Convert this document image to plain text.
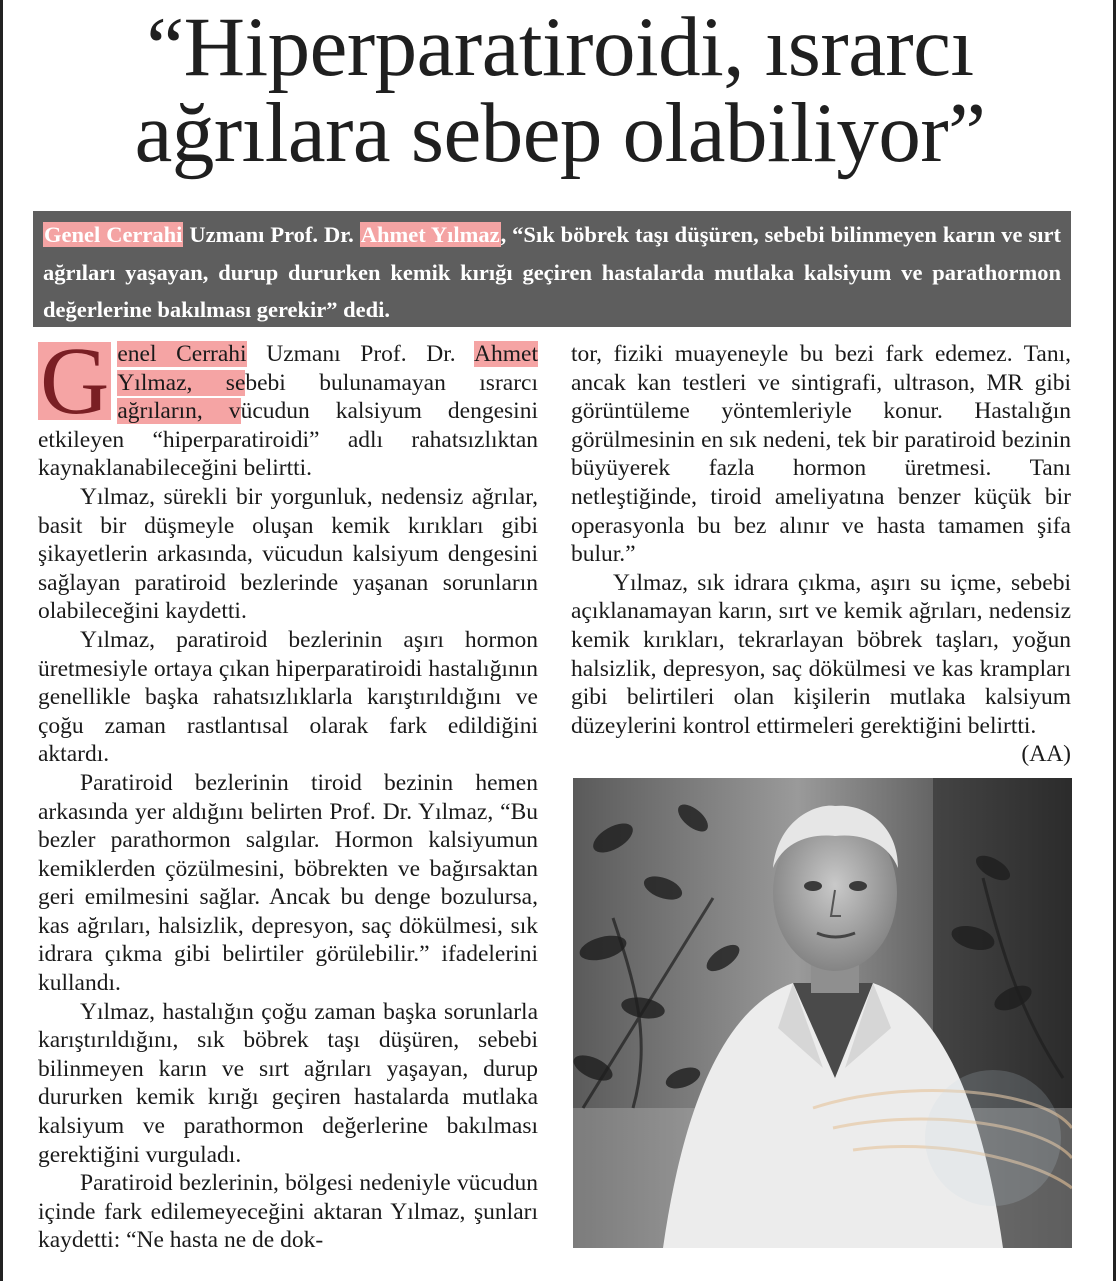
“Hiperparatiroidi, ısrarcı
ağrılara sebep olabiliyor”
Genel Cerrahi Uzmanı Prof. Dr. Ahmet Yılmaz, “Sık böbrek taşı düşüren, sebebi bilinmeyen karın ve sırt ağrıları yaşayan, durup dururken kemik kırığı geçiren hastalarda mutlaka kalsiyum ve parathormon değerlerine bakılması gerekir” dedi.

G enel Cerrahi Uzmanı Prof. Dr. Ahmet Yılmaz, sebebi bulunamayan ısrarcı ağrıların, vücudun kalsiyum dengesini etkileyen “hiperparatiroidi” adlı rahatsızlıktan kaynaklanabileceğini belirtti.

Yılmaz, sürekli bir yorgunluk, nedensiz ağrılar, basit bir düşmeyle oluşan kemik kırıkları gibi şikayetlerin arkasında, vücudun kalsiyum dengesini sağlayan paratiroid bezlerinde yaşanan sorunların olabileceğini kaydetti.

Yılmaz, paratiroid bezlerinin aşırı hormon üretmesiyle ortaya çıkan hiperparatiroidi hastalığının genellikle başka rahatsızlıklarla karıştırıldığını ve çoğu zaman rastlantısal olarak fark edildiğini aktardı.

Paratiroid bezlerinin tiroid bezinin hemen arkasında yer aldığını belirten Prof. Dr. Yılmaz, “Bu bezler parathormon salgılar. Hormon kalsiyumun kemiklerden çözülmesini, böbrekten ve bağırsaktan geri emilmesini sağlar. Ancak bu denge bozulursa, kas ağrıları, halsizlik, depresyon, saç dökülmesi, sık idrara çıkma gibi belirtiler görülebilir.” ifadelerini kullandı.

Yılmaz, hastalığın çoğu zaman başka sorunlarla karıştırıldığını, sık böbrek taşı düşüren, sebebi bilinmeyen karın ve sırt ağrıları yaşayan, durup dururken kemik kırığı geçiren hastalarda mutlaka kalsiyum ve parathormon değerlerine bakılması gerektiğini vurguladı.

Paratiroid bezlerinin, bölgesi nedeniyle vücudun içinde fark edilemeyeceğini aktaran Yılmaz, şunları kaydetti: “Ne hasta ne de dok-

tor, fiziki muayeneyle bu bezi fark edemez. Tanı, ancak kan testleri ve sintigrafi, ultrason, MR gibi görüntüleme yöntemleriyle konur. Hastalığın görülmesinin en sık nedeni, tek bir paratiroid bezinin büyüyerek fazla hormon üretmesi. Tanı netleştiğinde, tiroid ameliyatına benzer küçük bir operasyonla bu bez alınır ve hasta tamamen şifa bulur.”

Yılmaz, sık idrara çıkma, aşırı su içme, sebebi açıklanamayan karın, sırt ve kemik ağrıları, nedensiz kemik kırıkları, tekrarlayan böbrek taşları, yoğun halsizlik, depresyon, saç dökülmesi ve kas krampları gibi belirtileri olan kişilerin mutlaka kalsiyum düzeylerini kontrol ettirmeleri gerektiğini belirtti.
(AA)
